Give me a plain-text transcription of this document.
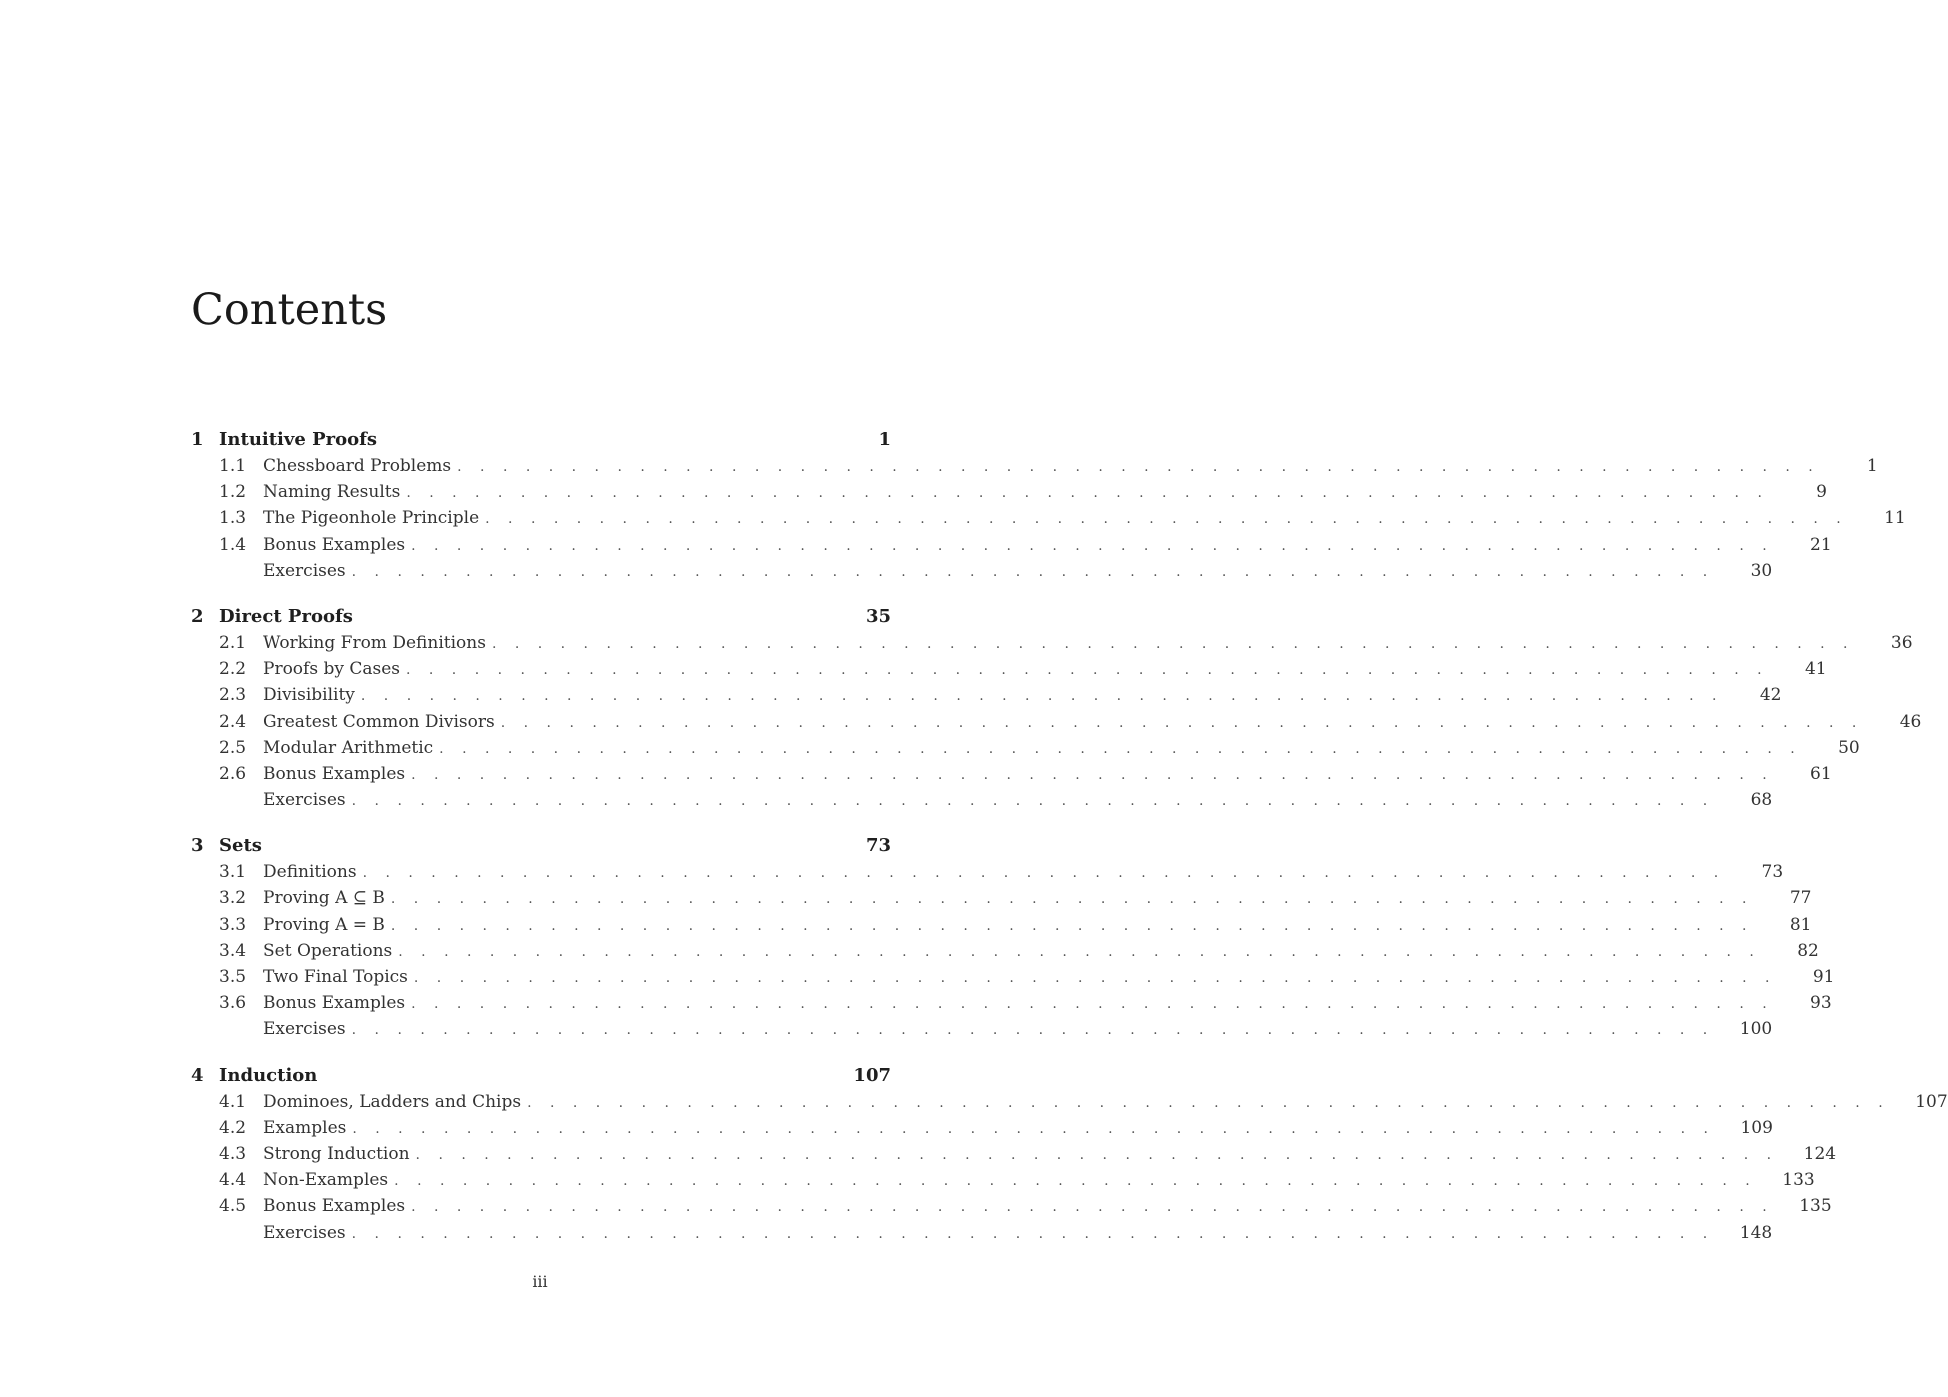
Contents
1 Intuitive Proofs	1
1.1 Chessboard Problems . . . . . . . . . . . . . . . . . . . . . . . . . . . . . . . . . . . . . . . . . . . . . . . . . . . . . . . . . . . .	1
1.2 Naming Results . . . . . . . . . . . . . . . . . . . . . . . . . . . . . . . . . . . . . . . . . . . . . . . . . . . . . . . . . . . .	9
1.3 The Pigeonhole Principle . . . . . . . . . . . . . . . . . . . . . . . . . . . . . . . . . . . . . . . . . . . . . . . . . . . . . . . . . . . .	11
1.4 Bonus Examples . . . . . . . . . . . . . . . . . . . . . . . . . . . . . . . . . . . . . . . . . . . . . . . . . . . . . . . . . . . .	21
Exercises . . . . . . . . . . . . . . . . . . . . . . . . . . . . . . . . . . . . . . . . . . . . . . . . . . . . . . . . . . . .	30
2 Direct Proofs	35
2.1 Working From Definitions . . . . . . . . . . . . . . . . . . . . . . . . . . . . . . . . . . . . . . . . . . . . . . . . . . . . . . . . . . . .	36
2.2 Proofs by Cases . . . . . . . . . . . . . . . . . . . . . . . . . . . . . . . . . . . . . . . . . . . . . . . . . . . . . . . . . . . .	41
2.3 Divisibility . . . . . . . . . . . . . . . . . . . . . . . . . . . . . . . . . . . . . . . . . . . . . . . . . . . . . . . . . . . .	42
2.4 Greatest Common Divisors . . . . . . . . . . . . . . . . . . . . . . . . . . . . . . . . . . . . . . . . . . . . . . . . . . . . . . . . . . . .	46
2.5 Modular Arithmetic . . . . . . . . . . . . . . . . . . . . . . . . . . . . . . . . . . . . . . . . . . . . . . . . . . . . . . . . . . . .	50
2.6 Bonus Examples . . . . . . . . . . . . . . . . . . . . . . . . . . . . . . . . . . . . . . . . . . . . . . . . . . . . . . . . . . . .	61
Exercises . . . . . . . . . . . . . . . . . . . . . . . . . . . . . . . . . . . . . . . . . . . . . . . . . . . . . . . . . . . .	68
3 Sets	73
3.1 Definitions . . . . . . . . . . . . . . . . . . . . . . . . . . . . . . . . . . . . . . . . . . . . . . . . . . . . . . . . . . . .	73
3.2 Proving A ⊆ B . . . . . . . . . . . . . . . . . . . . . . . . . . . . . . . . . . . . . . . . . . . . . . . . . . . . . . . . . . . .	77
3.3 Proving A = B . . . . . . . . . . . . . . . . . . . . . . . . . . . . . . . . . . . . . . . . . . . . . . . . . . . . . . . . . . . .	81
3.4 Set Operations . . . . . . . . . . . . . . . . . . . . . . . . . . . . . . . . . . . . . . . . . . . . . . . . . . . . . . . . . . . .	82
3.5 Two Final Topics . . . . . . . . . . . . . . . . . . . . . . . . . . . . . . . . . . . . . . . . . . . . . . . . . . . . . . . . . . . .	91
3.6 Bonus Examples . . . . . . . . . . . . . . . . . . . . . . . . . . . . . . . . . . . . . . . . . . . . . . . . . . . . . . . . . . . .	93
Exercises . . . . . . . . . . . . . . . . . . . . . . . . . . . . . . . . . . . . . . . . . . . . . . . . . . . . . . . . . . . .	100
4 Induction	107
4.1 Dominoes, Ladders and Chips . . . . . . . . . . . . . . . . . . . . . . . . . . . . . . . . . . . . . . . . . . . . . . . . . . . . . . . . . . . .	107
4.2 Examples . . . . . . . . . . . . . . . . . . . . . . . . . . . . . . . . . . . . . . . . . . . . . . . . . . . . . . . . . . . .	109
4.3 Strong Induction . . . . . . . . . . . . . . . . . . . . . . . . . . . . . . . . . . . . . . . . . . . . . . . . . . . . . . . . . . . .	124
4.4 Non-Examples . . . . . . . . . . . . . . . . . . . . . . . . . . . . . . . . . . . . . . . . . . . . . . . . . . . . . . . . . . . .	133
4.5 Bonus Examples . . . . . . . . . . . . . . . . . . . . . . . . . . . . . . . . . . . . . . . . . . . . . . . . . . . . . . . . . . . .	135
Exercises . . . . . . . . . . . . . . . . . . . . . . . . . . . . . . . . . . . . . . . . . . . . . . . . . . . . . . . . . . . .	148
iii
